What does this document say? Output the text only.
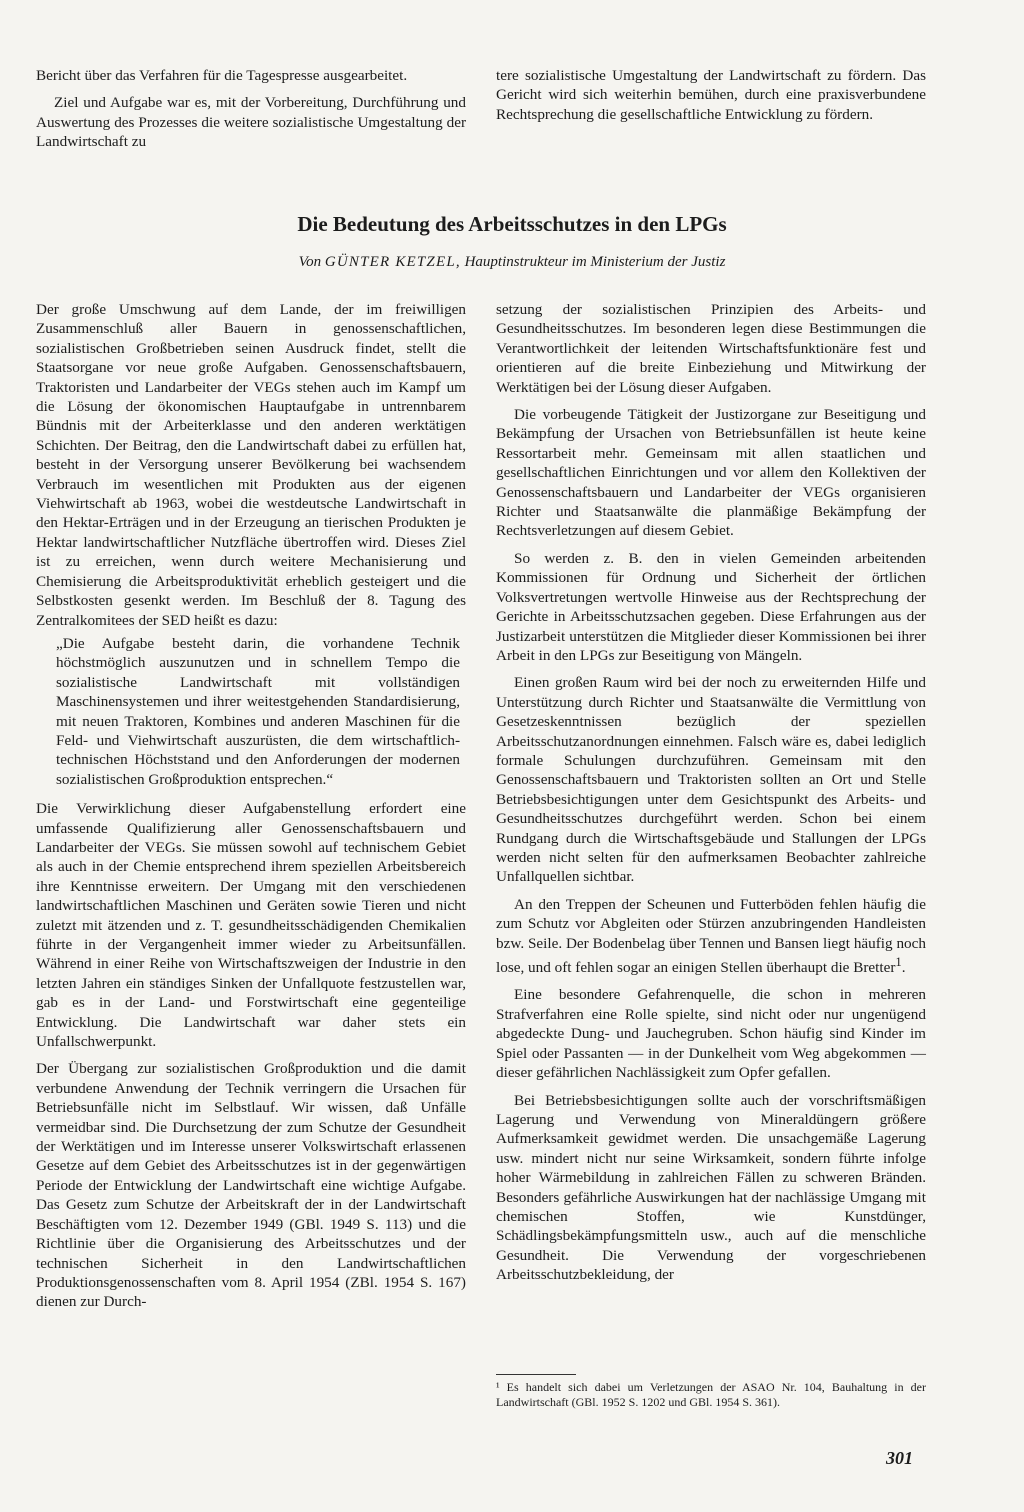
Bericht über das Verfahren für die Tagespresse ausgearbeitet.

Ziel und Aufgabe war es, mit der Vorbereitung, Durchführung und Auswertung des Prozesses die weitere sozialistische Umgestaltung der Landwirtschaft zu

tere sozialistische Umgestaltung der Landwirtschaft zu fördern. Das Gericht wird sich weiterhin bemühen, durch eine praxisverbundene Rechtsprechung die gesellschaftliche Entwicklung zu fördern.

Die Bedeutung des Arbeitsschutzes in den LPGs
Von GÜNTER KETZEL, Hauptinstrukteur im Ministerium der Justiz

Der große Umschwung auf dem Lande, der im freiwilligen Zusammenschluß aller Bauern in genossenschaftlichen, sozialistischen Großbetrieben seinen Ausdruck findet, stellt die Staatsorgane vor neue große Aufgaben. Genossenschaftsbauern, Traktoristen und Landarbeiter der VEGs stehen auch im Kampf um die Lösung der ökonomischen Hauptaufgabe in untrennbarem Bündnis mit der Arbeiterklasse und den anderen werktätigen Schichten. Der Beitrag, den die Landwirtschaft dabei zu erfüllen hat, besteht in der Versorgung unserer Bevölkerung bei wachsendem Verbrauch im wesentlichen mit Produkten aus der eigenen Viehwirtschaft ab 1963, wobei die westdeutsche Landwirtschaft in den Hektar-Erträgen und in der Erzeugung an tierischen Produkten je Hektar landwirtschaftlicher Nutzfläche übertroffen wird. Dieses Ziel ist zu erreichen, wenn durch weitere Mechanisierung und Chemisierung die Arbeitsproduktivität erheblich gesteigert und die Selbstkosten gesenkt werden. Im Beschluß der 8. Tagung des Zentralkomitees der SED heißt es dazu:

„Die Aufgabe besteht darin, die vorhandene Technik höchstmöglich auszunutzen und in schnellem Tempo die sozialistische Landwirtschaft mit vollständigen Maschinensystemen und ihrer weitestgehenden Standardisierung, mit neuen Traktoren, Kombines und anderen Maschinen für die Feld- und Viehwirtschaft auszurüsten, die dem wirtschaftlich-technischen Höchststand und den Anforderungen der modernen sozialistischen Großproduktion entsprechen.“

Die Verwirklichung dieser Aufgabenstellung erfordert eine umfassende Qualifizierung aller Genossenschaftsbauern und Landarbeiter der VEGs. Sie müssen sowohl auf technischem Gebiet als auch in der Chemie entsprechend ihrem speziellen Arbeitsbereich ihre Kenntnisse erweitern. Der Umgang mit den verschiedenen landwirtschaftlichen Maschinen und Geräten sowie Tieren und nicht zuletzt mit ätzenden und z. T. gesundheitsschädigenden Chemikalien führte in der Vergangenheit immer wieder zu Arbeitsunfällen. Während in einer Reihe von Wirtschaftszweigen der Industrie in den letzten Jahren ein ständiges Sinken der Unfallquote festzustellen war, gab es in der Land- und Forstwirtschaft eine gegenteilige Entwicklung. Die Landwirtschaft war daher stets ein Unfallschwerpunkt.

Der Übergang zur sozialistischen Großproduktion und die damit verbundene Anwendung der Technik verringern die Ursachen für Betriebsunfälle nicht im Selbstlauf. Wir wissen, daß Unfälle vermeidbar sind. Die Durchsetzung der zum Schutze der Gesundheit der Werktätigen und im Interesse unserer Volkswirtschaft erlassenen Gesetze auf dem Gebiet des Arbeitsschutzes ist in der gegenwärtigen Periode der Entwicklung der Landwirtschaft eine wichtige Aufgabe. Das Gesetz zum Schutze der Arbeitskraft der in der Landwirtschaft Beschäftigten vom 12. Dezember 1949 (GBl. 1949 S. 113) und die Richtlinie über die Organisierung des Arbeitsschutzes und der technischen Sicherheit in den Landwirtschaftlichen Produktionsgenossenschaften vom 8. April 1954 (ZBl. 1954 S. 167) dienen zur Durch-

setzung der sozialistischen Prinzipien des Arbeits- und Gesundheitsschutzes. Im besonderen legen diese Bestimmungen die Verantwortlichkeit der leitenden Wirtschaftsfunktionäre fest und orientieren auf die breite Einbeziehung und Mitwirkung der Werktätigen bei der Lösung dieser Aufgaben.

Die vorbeugende Tätigkeit der Justizorgane zur Beseitigung und Bekämpfung der Ursachen von Betriebsunfällen ist heute keine Ressortarbeit mehr. Gemeinsam mit allen staatlichen und gesellschaftlichen Einrichtungen und vor allem den Kollektiven der Genossenschaftsbauern und Landarbeiter der VEGs organisieren Richter und Staatsanwälte die planmäßige Bekämpfung der Rechtsverletzungen auf diesem Gebiet.

So werden z. B. den in vielen Gemeinden arbeitenden Kommissionen für Ordnung und Sicherheit der örtlichen Volksvertretungen wertvolle Hinweise aus der Rechtsprechung der Gerichte in Arbeitsschutzsachen gegeben. Diese Erfahrungen aus der Justizarbeit unterstützen die Mitglieder dieser Kommissionen bei ihrer Arbeit in den LPGs zur Beseitigung von Mängeln.

Einen großen Raum wird bei der noch zu erweiternden Hilfe und Unterstützung durch Richter und Staatsanwälte die Vermittlung von Gesetzeskenntnissen bezüglich der speziellen Arbeitsschutzanordnungen einnehmen. Falsch wäre es, dabei lediglich formale Schulungen durchzuführen. Gemeinsam mit den Genossenschaftsbauern und Traktoristen sollten an Ort und Stelle Betriebsbesichtigungen unter dem Gesichtspunkt des Arbeits- und Gesundheitsschutzes durchgeführt werden. Schon bei einem Rundgang durch die Wirtschaftsgebäude und Stallungen der LPGs werden nicht selten für den aufmerksamen Beobachter zahlreiche Unfallquellen sichtbar.

An den Treppen der Scheunen und Futterböden fehlen häufig die zum Schutz vor Abgleiten oder Stürzen anzubringenden Handleisten bzw. Seile. Der Bodenbelag über Tennen und Bansen liegt häufig noch lose, und oft fehlen sogar an einigen Stellen überhaupt die Bretter$^1$.

Eine besondere Gefahrenquelle, die schon in mehreren Strafverfahren eine Rolle spielte, sind nicht oder nur ungenügend abgedeckte Dung- und Jauchegruben. Schon häufig sind Kinder im Spiel oder Passanten — in der Dunkelheit vom Weg abgekommen — dieser gefährlichen Nachlässigkeit zum Opfer gefallen.

Bei Betriebsbesichtigungen sollte auch der vorschriftsmäßigen Lagerung und Verwendung von Mineraldüngern größere Aufmerksamkeit gewidmet werden. Die unsachgemäße Lagerung usw. mindert nicht nur seine Wirksamkeit, sondern führte infolge hoher Wärmebildung in zahlreichen Fällen zu schweren Bränden. Besonders gefährliche Auswirkungen hat der nachlässige Umgang mit chemischen Stoffen, wie Kunstdünger, Schädlingsbekämpfungsmitteln usw., auch auf die menschliche Gesundheit. Die Verwendung der vorgeschriebenen Arbeitsschutzbekleidung, der

¹ Es handelt sich dabei um Verletzungen der ASAO Nr. 104, Bauhaltung in der Landwirtschaft (GBl. 1952 S. 1202 und GBl. 1954 S. 361).
301
